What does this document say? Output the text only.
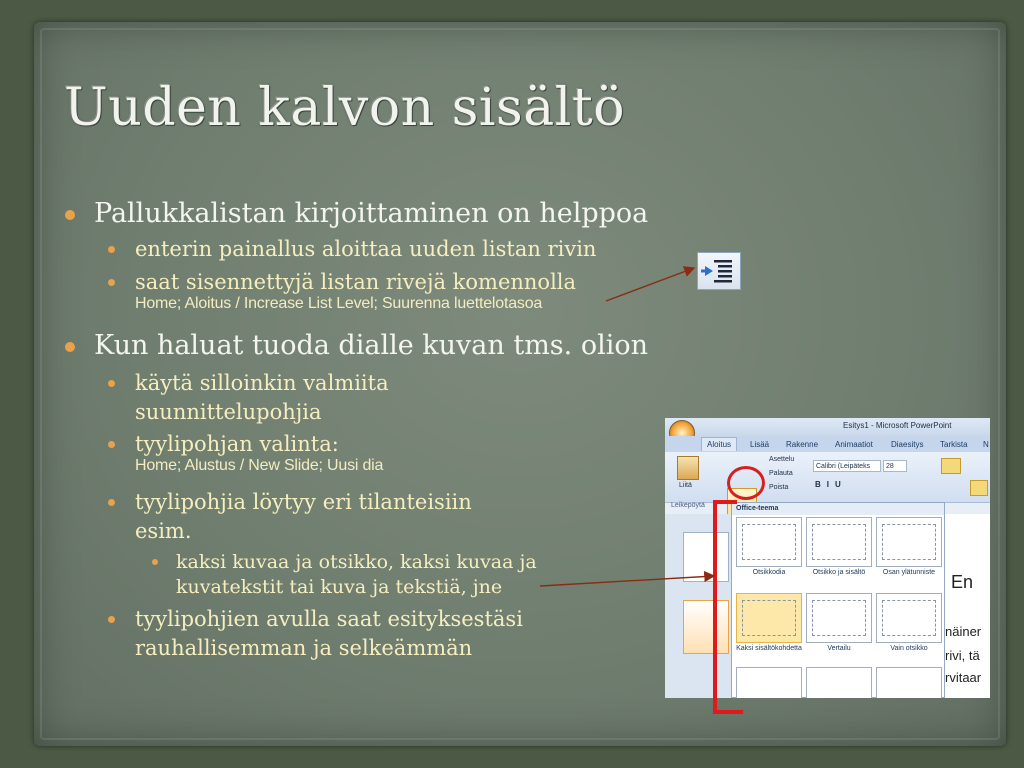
Uuden kalvon sisältö
Pallukkalistan kirjoittaminen on helppoa
enterin painallus aloittaa uuden listan rivin
saat sisennettyjä listan rivejä komennolla
Home; Aloitus / Increase List Level; Suurenna luettelotasoa
Kun haluat tuoda dialle kuvan tms. olion
käytä silloinkin valmiita
suunnittelupohjia
tyylipohjan valinta:
Home; Alustus / New Slide; Uusi dia
tyylipohjia löytyy eri tilanteisiin
esim.
kaksi kuvaa ja otsikko, kaksi kuvaa ja
kuvatekstit tai kuva ja tekstiä, jne
tyylipohjien avulla saat esityksestäsi
rauhallisemman ja selkeämmän
Esitys1 - Microsoft PowerPoint
Aloitus	Lisää Rakenne Animaatiot Diaesitys Tarkista N
Liitä
Asettelu
Palauta
Poista
Calibri (Leipäteks 28
BIU
Leikepöytä
En
näiner
rivi, tä
rvitaar
Office-teema
Otsikkodia	Otsikko ja sisältö	Osan ylätunniste
Kaksi sisältökohdetta	Vertailu	Vain otsikko
